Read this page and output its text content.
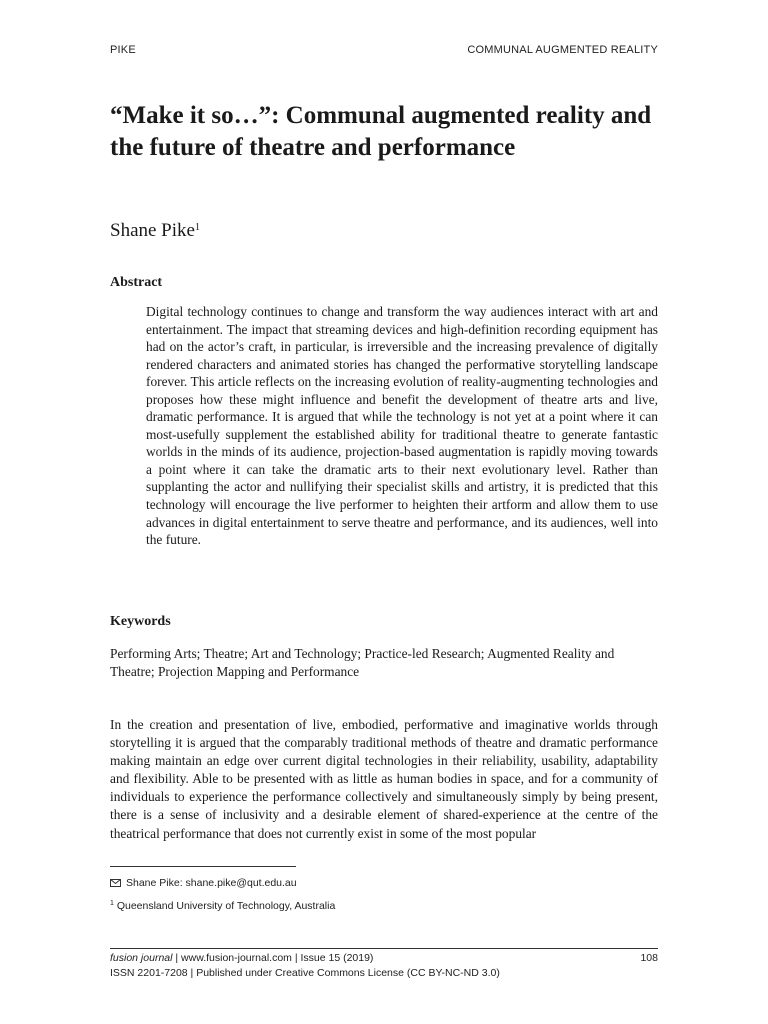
PIKE	COMMUNAL AUGMENTED REALITY
“Make it so…”: Communal augmented reality and the future of theatre and performance
Shane Pike$^1$
Abstract

Digital technology continues to change and transform the way audiences interact with art and entertainment. The impact that streaming devices and high-definition recording equipment has had on the actor’s craft, in particular, is irreversible and the increasing prevalence of digitally rendered characters and animated stories has changed the performative storytelling landscape forever. This article reflects on the increasing evolution of reality-augmenting technologies and proposes how these might influence and benefit the development of theatre arts and live, dramatic performance. It is argued that while the technology is not yet at a point where it can most-usefully supplement the established ability for traditional theatre to generate fantastic worlds in the minds of its audience, projection-based augmentation is rapidly moving towards a point where it can take the dramatic arts to their next evolutionary level. Rather than supplanting the actor and nullifying their specialist skills and artistry, it is predicted that this technology will encourage the live performer to heighten their artform and allow them to use advances in digital entertainment to serve theatre and performance, and its audiences, well into the future.

Keywords

Performing Arts; Theatre; Art and Technology; Practice-led Research; Augmented Reality and Theatre; Projection Mapping and Performance

In the creation and presentation of live, embodied, performative and imaginative worlds through storytelling it is argued that the comparably traditional methods of theatre and dramatic performance making maintain an edge over current digital technologies in their reliability, usability, adaptability and flexibility. Able to be presented with as little as human bodies in space, and for a community of individuals to experience the performance collectively and simultaneously simply by being present, there is a sense of inclusivity and a desirable element of shared-experience at the centre of the theatrical performance that does not currently exist in some of the most popular

Shane Pike: shane.pike@qut.edu.au
$^1$ Queensland University of Technology, Australia
fusion journal | www.fusion-journal.com | Issue 15 (2019)	108
ISSN 2201-7208 | Published under Creative Commons License (CC BY-NC-ND 3.0)
